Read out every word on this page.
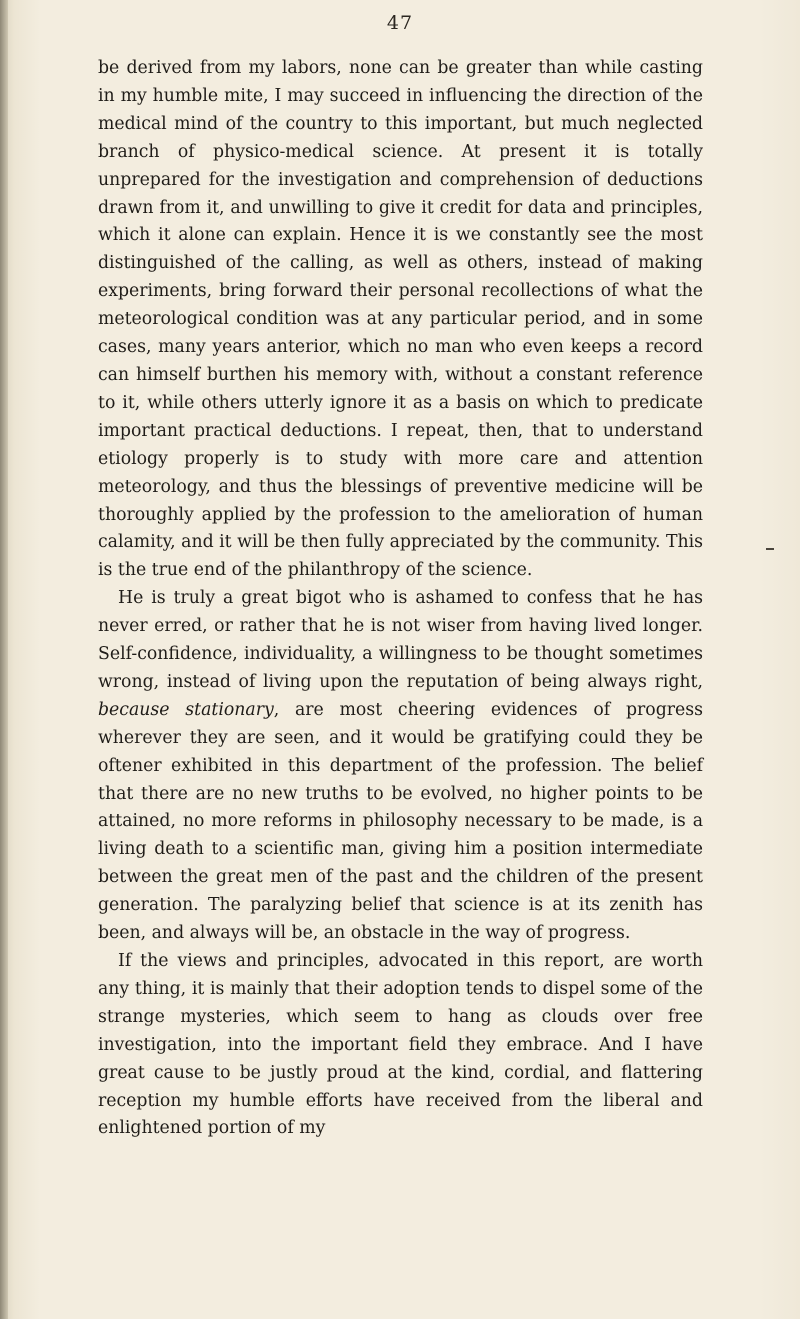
47

be derived from my labors, none can be greater than while casting in my humble mite, I may succeed in influencing the direction of the medical mind of the country to this important, but much neglected branch of physico-medical science. At present it is totally unprepared for the investigation and comprehension of deductions drawn from it, and unwilling to give it credit for data and principles, which it alone can explain. Hence it is we constantly see the most distinguished of the calling, as well as others, instead of making experiments, bring forward their personal recollections of what the meteorological condition was at any particular period, and in some cases, many years anterior, which no man who even keeps a record can himself burthen his memory with, without a constant reference to it, while others utterly ignore it as a basis on which to predicate important practical deductions. I repeat, then, that to understand etiology properly is to study with more care and attention meteorology, and thus the blessings of preventive medicine will be thoroughly applied by the profession to the amelioration of human calamity, and it will be then fully appreciated by the community. This is the true end of the philanthropy of the science.

He is truly a great bigot who is ashamed to confess that he has never erred, or rather that he is not wiser from having lived longer. Self-confidence, individuality, a willingness to be thought sometimes wrong, instead of living upon the reputation of being always right, because stationary, are most cheering evidences of progress wherever they are seen, and it would be gratifying could they be oftener exhibited in this department of the profession. The belief that there are no new truths to be evolved, no higher points to be attained, no more reforms in philosophy necessary to be made, is a living death to a scientific man, giving him a position intermediate between the great men of the past and the children of the present generation. The paralyzing belief that science is at its zenith has been, and always will be, an obstacle in the way of progress.

If the views and principles, advocated in this report, are worth any thing, it is mainly that their adoption tends to dispel some of the strange mysteries, which seem to hang as clouds over free investigation, into the important field they embrace. And I have great cause to be justly proud at the kind, cordial, and flattering reception my humble efforts have received from the liberal and enlightened portion of my
